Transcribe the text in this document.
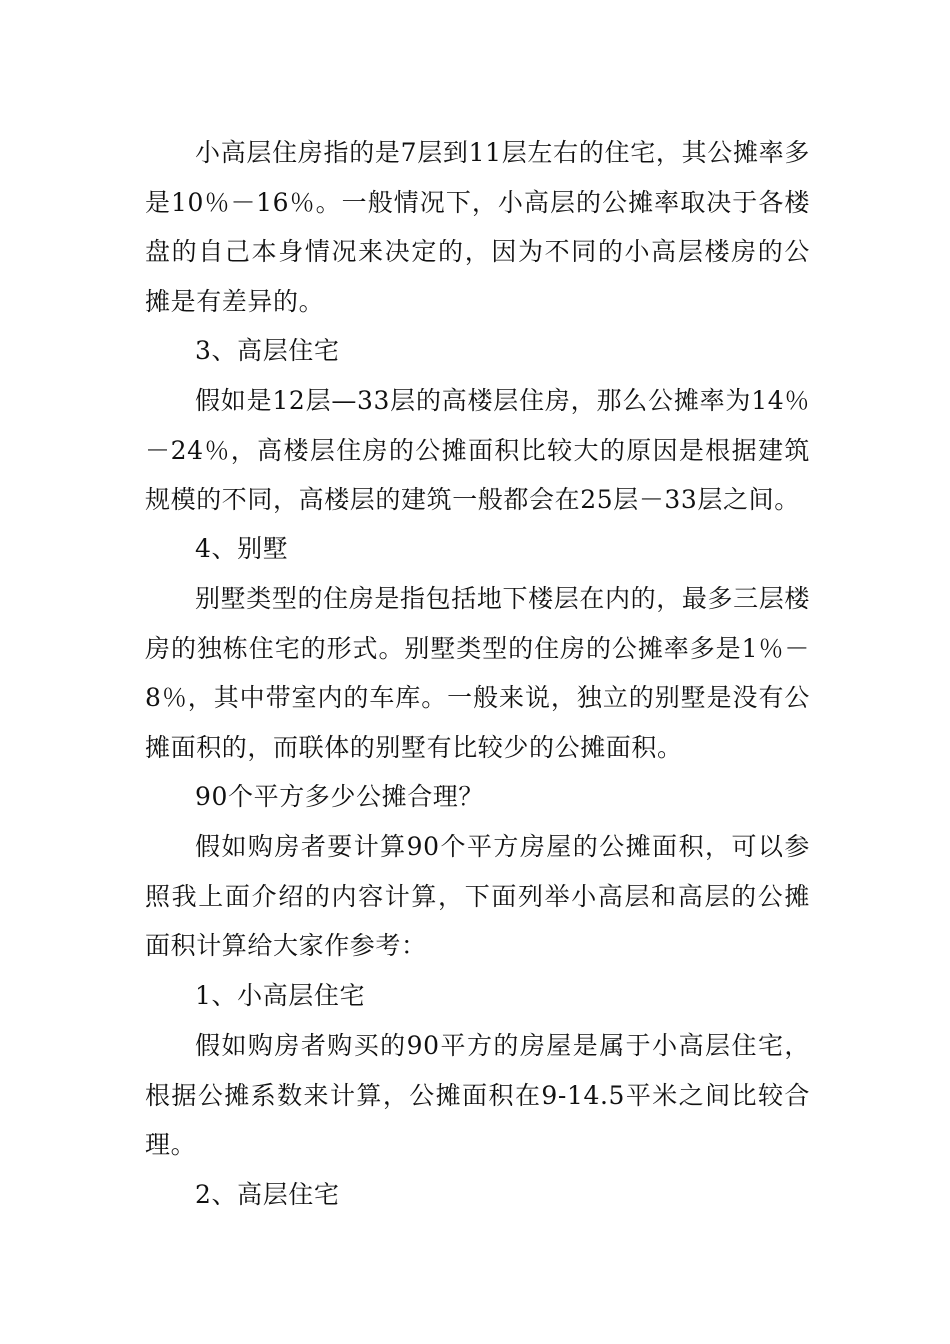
小高层住房指的是7层到11层左右的住宅，其公摊率多是10％－16％。一般情况下，小高层的公摊率取决于各楼盘的自己本身情况来决定的，因为不同的小高层楼房的公摊是有差异的。

3、高层住宅

假如是12层—33层的高楼层住房，那么公摊率为14％－24％，高楼层住房的公摊面积比较大的原因是根据建筑规模的不同，高楼层的建筑一般都会在25层－33层之间。

4、别墅

别墅类型的住房是指包括地下楼层在内的，最多三层楼房的独栋住宅的形式。别墅类型的住房的公摊率多是1％－8％，其中带室内的车库。一般来说，独立的别墅是没有公摊面积的，而联体的别墅有比较少的公摊面积。

90个平方多少公摊合理？

假如购房者要计算90个平方房屋的公摊面积，可以参照我上面介绍的内容计算，下面列举小高层和高层的公摊面积计算给大家作参考：

1、小高层住宅

假如购房者购买的90平方的房屋是属于小高层住宅，根据公摊系数来计算，公摊面积在9-14.5平米之间比较合理。

2、高层住宅
